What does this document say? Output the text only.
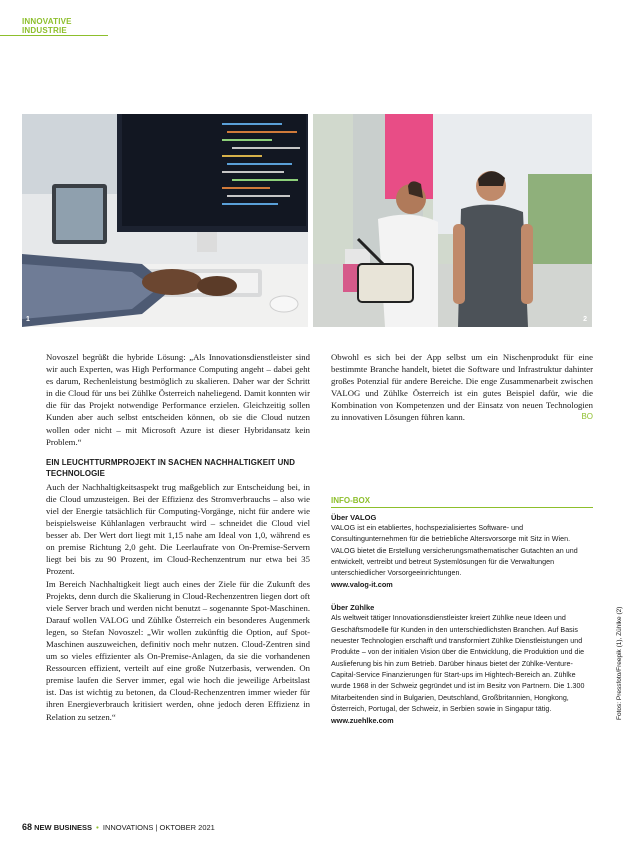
INNOVATIVE INDUSTRIE
1	2

Novoszel begrüßt die hybride Lösung: „Als Innovationsdienstleister sind wir auch Experten, was High Performance Computing angeht – dabei geht es darum, Rechenleistung bestmöglich zu skalieren. Daher war der Schritt in die Cloud für uns bei Zühlke Österreich naheliegend. Damit konnten wir die für das Projekt notwendige Performance erzielen. Gleichzeitig sollen Kunden aber auch selbst entscheiden können, ob sie die Cloud nutzen wollen oder nicht – mit Microsoft Azure ist dieser Hybridansatz kein Problem.“

EIN LEUCHTTURMPROJEKT IN SACHEN NACHHALTIGKEIT UND TECHNOLOGIE

Auch der Nachhaltigkeitsaspekt trug maßgeblich zur Entscheidung bei, in die Cloud umzusteigen. Bei der Effizienz des Stromverbrauchs – also wie viel der Energie tatsächlich für Computing-Vorgänge, nicht für andere wie beispielsweise Kühlanlagen verbraucht wird – schneidet die Cloud viel besser ab. Der Wert dort liegt mit 1,15 nahe am Ideal von 1,0, während es on premise Richtung 2,0 geht. Die Leerlaufrate von On-Premise-Servern liegt bei bis zu 90 Prozent, im Cloud-Rechenzentrum nur etwa bei 35 Prozent.

Im Bereich Nachhaltigkeit liegt auch eines der Ziele für die Zukunft des Projekts, denn durch die Skalierung in Cloud-Rechenzentren liegen dort oft viele Server brach und werden nicht benutzt – sogenannte Spot-Maschinen. Darauf wollen VALOG und Zühlke Österreich ein besonderes Augenmerk legen, so Stefan Novoszel: „Wir wollen zukünftig die Option, auf Spot-Maschinen auszuweichen, definitiv noch mehr nutzen. Cloud-Zentren sind um so vieles effizienter als On-Premise-Anlagen, da sie die vorhandenen Ressourcen effizient, verteilt auf eine große Nutzerbasis, verwenden. On premise laufen die Server immer, egal wie hoch die jeweilige Arbeitslast ist. Das ist wichtig zu betonen, da Cloud-Rechenzentren immer wieder für ihren Energieverbrauch kritisiert werden, ohne jedoch deren Effizienz in Relation zu setzen.“

Obwohl es sich bei der App selbst um ein Nischenprodukt für eine bestimmte Branche handelt, bietet die Software und Infrastruktur dahinter großes Potenzial für andere Bereiche. Die enge Zusammenarbeit zwischen VALOG und Zühlke Österreich ist ein gutes Beispiel dafür, wie die Kombination von Kompetenzen und der Einsatz von neuen Technologien zu innovativen Lösungen führen kann.	BO

INFO-BOX
Über VALOG

VALOG ist ein etabliertes, hochspezialisiertes Software- und Consultingunternehmen für die betriebliche Altersvorsorge mit Sitz in Wien. VALOG bietet die Erstellung versicherungsmathematischer Gutachten an und entwickelt, vertreibt und betreut Systemlösungen für die Verwaltungen unterschiedlicher Vorsorgeeinrichtungen.

www.valog-it.com
Über Zühlke

Als weltweit tätiger Innovationsdienstleister kreiert Zühlke neue Ideen und Geschäftsmodelle für Kunden in den unterschiedlichsten Branchen. Auf Basis neuester Technologien erschafft und transformiert Zühlke Dienstleistungen und Produkte – von der initialen Vision über die Entwicklung, die Produktion und die Auslieferung bis hin zum Betrieb. Darüber hinaus bietet der Zühlke-Venture-Capital-Service Finanzierungen für Start-ups im Hightech-Bereich an. Zühlke wurde 1968 in der Schweiz gegründet und ist im Besitz von Partnern. Die 1.300 Mitarbeitenden sind in Bulgarien, Deutschland, Großbritannien, Hongkong, Österreich, Portugal, der Schweiz, in Serbien sowie in Singapur tätig.

www.zuehlke.com
Fotos: Pressfoto/Freepik (1), Zühlke (2)
68 NEW BUSINESS • INNOVATIONS | OKTOBER 2021
